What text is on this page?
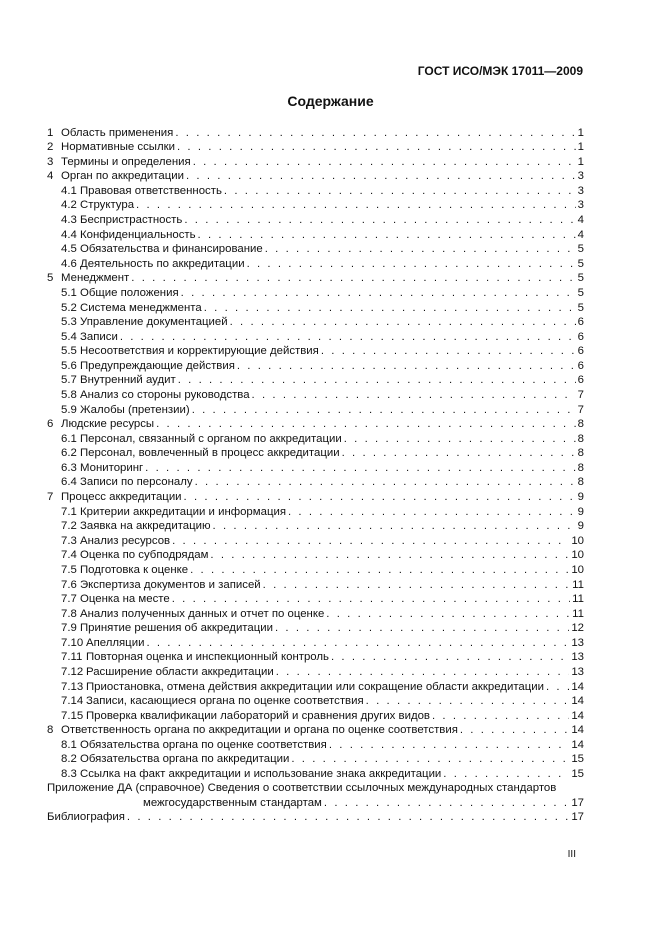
ГОСТ ИСО/МЭК 17011—2009
Содержание
1 Область применения . . .	1
2 Нормативные ссылки . . .	1
3 Термины и определения . . .	1
4 Орган по аккредитации . . .	3
4.1 Правовая ответственность . . .	3
4.2 Структура . . .	3
4.3 Беспристрастность . . .	4
4.4 Конфиденциальность . . .	4
4.5 Обязательства и финансирование . . .	5
4.6 Деятельность по аккредитации . . .	5
5 Менеджмент . . .	5
5.1 Общие положения . . .	5
5.2 Система менеджмента . . .	5
5.3 Управление документацией . . .	6
5.4 Записи . . .	6
5.5 Несоответствия и корректирующие действия . . .	6
5.6 Предупреждающие действия . . .	6
5.7 Внутренний аудит . . .	6
5.8 Анализ со стороны руководства . . .	7
5.9 Жалобы (претензии) . . .	7
6 Людские ресурсы . . .	8
6.1 Персонал, связанный с органом по аккредитации . . .	8
6.2 Персонал, вовлеченный в процесс аккредитации . . .	8
6.3 Мониторинг . . .	8
6.4 Записи по персоналу . . .	8
7 Процесс аккредитации . . .	9
7.1 Критерии аккредитации и информация . . .	9
7.2 Заявка на аккредитацию . . .	9
7.3 Анализ ресурсов . . .	10
7.4 Оценка по субподрядам . . .	10
7.5 Подготовка к оценке . . .	10
7.6 Экспертиза документов и записей . . .	11
7.7 Оценка на месте . . .	11
7.8 Анализ полученных данных и отчет по оценке . . .	11
7.9 Принятие решения об аккредитации . . .	12
7.10 Апелляции . . .	13
7.11 Повторная оценка и инспекционный контроль . . .	13
7.12 Расширение области аккредитации . . .	13
7.13 Приостановка, отмена действия аккредитации или сокращение области аккредитации . . . 14
7.14 Записи, касающиеся органа по оценке соответствия . . .	14
7.15 Проверка квалификации лабораторий и сравнения других видов . . .	14
8 Ответственность органа по аккредитации и органа по оценке соответствия . . .	14
8.1 Обязательства органа по оценке соответствия . . .	14
8.2 Обязательства органа по аккредитации . . .	15
8.3 Ссылка на факт аккредитации и использование знака аккредитации . . .	15
Приложение ДА (справочное) Сведения о соответствии ссылочных международных стандартов
межгосударственным стандартам . . .	17
Библиография . . .	17
III
